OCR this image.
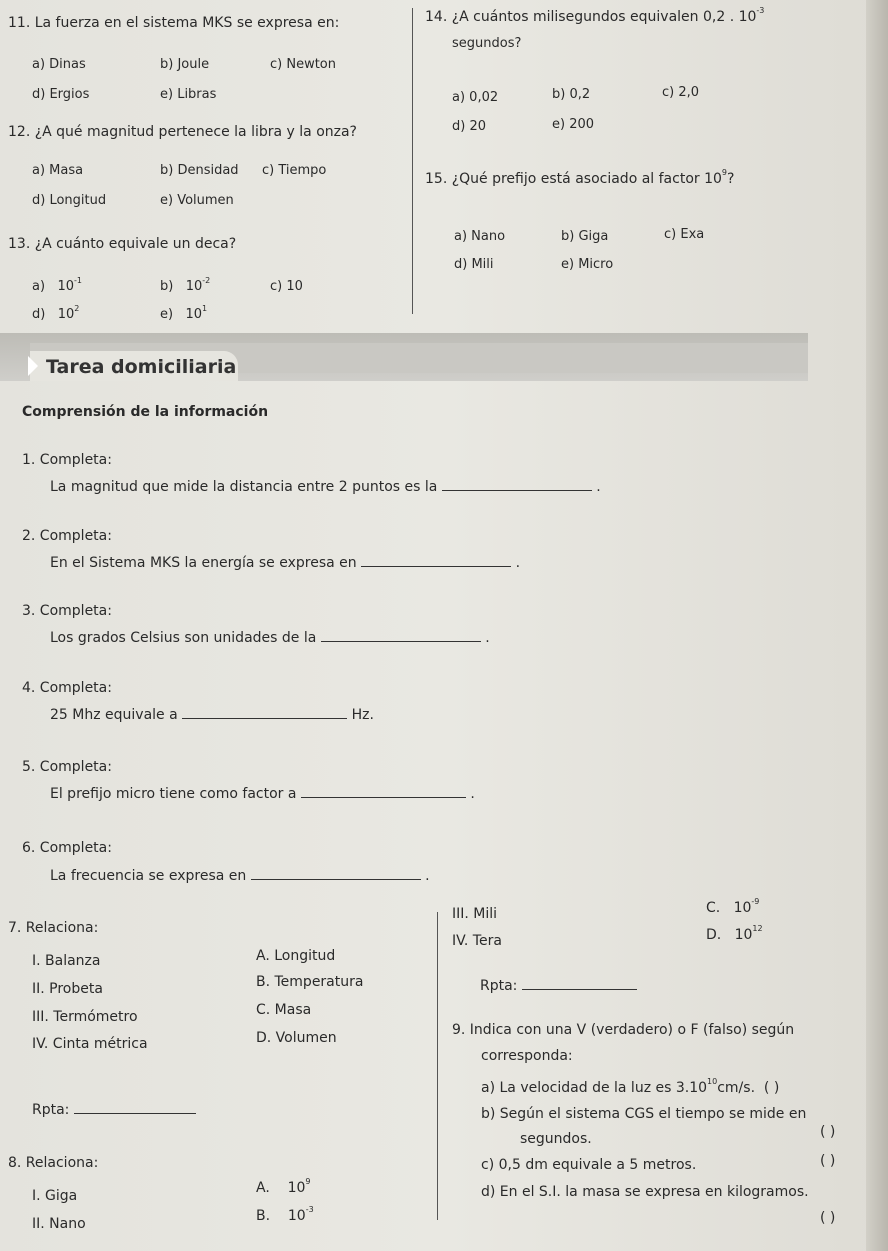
11. La fuerza en el sistema MKS se expresa en:
a) Dinas	b) Joule	c) Newton
d) Ergios	e) Libras
12. ¿A qué magnitud pertenece la libra y la onza?
a) Masa	b) Densidad c) Tiempo
d) Longitud	e) Volumen
13. ¿A cuánto equivale un deca?
a) $10^{-1}$	b) $10^{-2}$	c) 10
d) $10^2$	e) $10^1$
14. ¿A cuántos milisegundos equivalen 0,2 . $10^{-3}$
segundos?
a) 0,02	b) 0,2	c) 2,0
d) 20	e) 200
15. ¿Qué prefijo está asociado al factor $10^9$?
a) Nano	b) Giga	c) Exa
d) Mili	e) Micro
Tarea domiciliaria
Comprensión de la información
1. Completa:
La magnitud que mide la distancia entre 2 puntos es la	.
2. Completa:
En el Sistema MKS la energía se expresa en	.
3. Completa:
Los grados Celsius son unidades de la	.
4. Completa:
25 Mhz equivale a	Hz.
5. Completa:
El prefijo micro tiene como factor a	.
6. Completa:
La frecuencia se expresa en	.
7. Relaciona:
I. Balanza
II. Probeta
III. Termómetro
IV. Cinta métrica
A. Longitud
B. Temperatura
C. Masa
D. Volumen
Rpta:
8. Relaciona:
I. Giga
II. Nano
A. $10^9$
B. $10^{-3}$
III. Mili
IV. Tera
C. $10^{-9}$
D. $10^{12}$
Rpta:
9. Indica con una V (verdadero) o F (falso) según
corresponda:
a) La velocidad de la luz es 3.10$^{10}$cm/s. ( )
b) Según el sistema CGS el tiempo se mide en
segundos.	( )
c) 0,5 dm equivale a 5 metros.	( )
d) En el S.I. la masa se expresa en kilogramos.
( )
